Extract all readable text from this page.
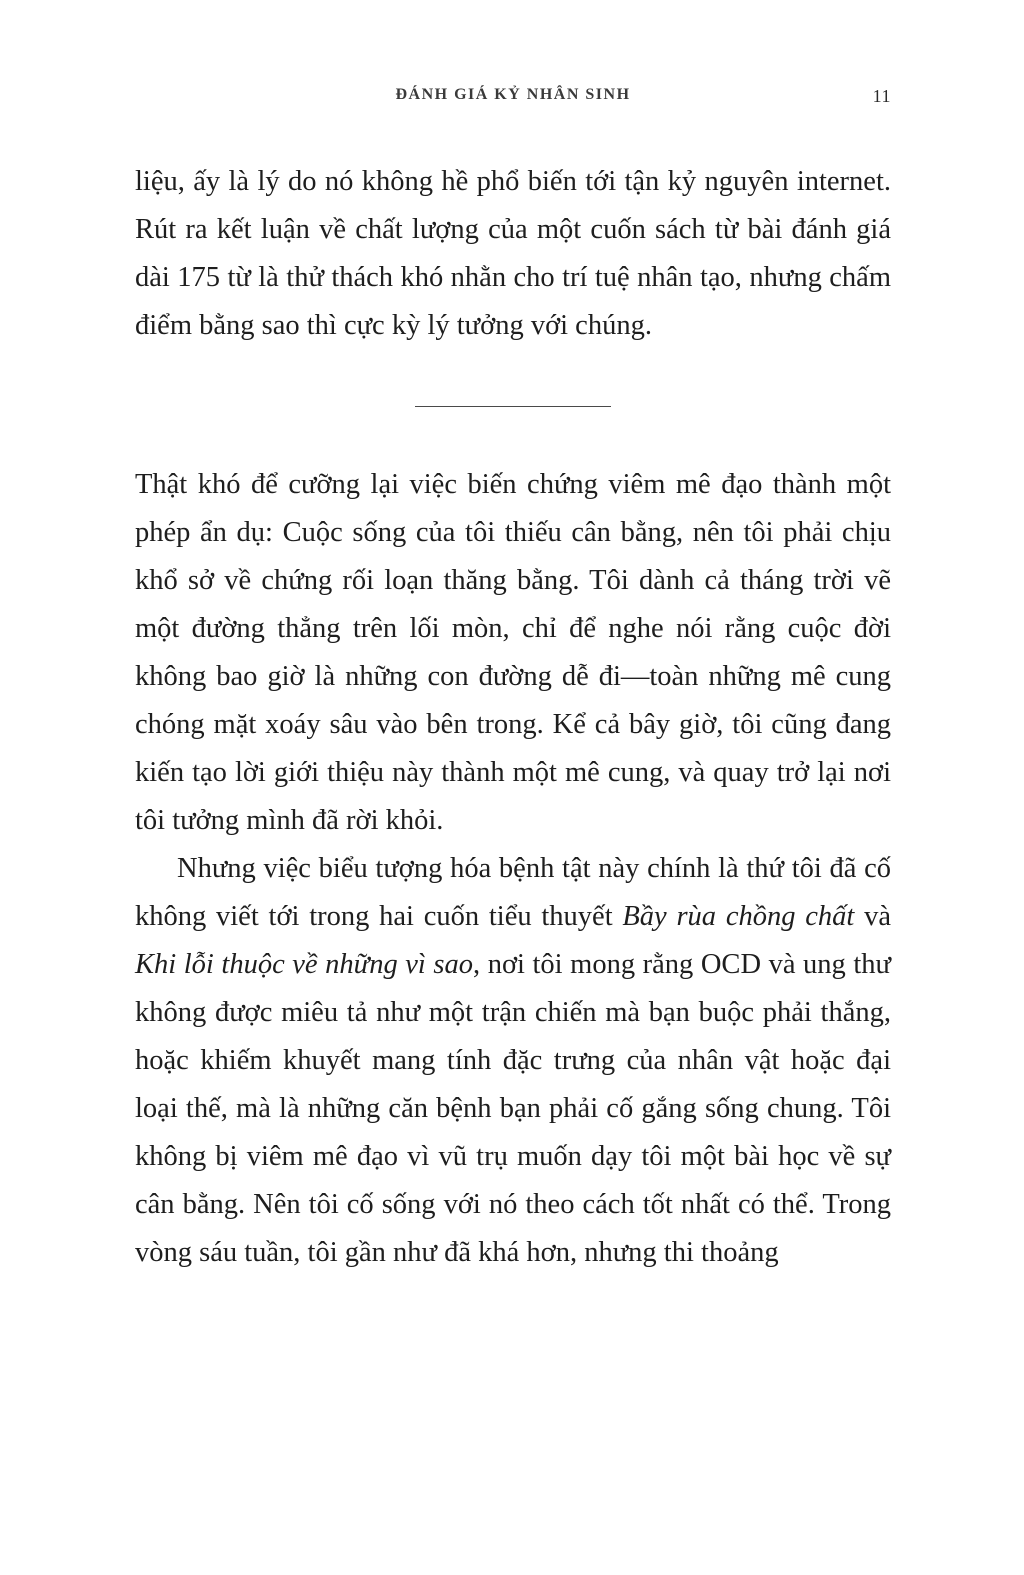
ĐÁNH GIÁ KỶ NHÂN SINH	11

liệu, ấy là lý do nó không hề phổ biến tới tận kỷ nguyên internet. Rút ra kết luận về chất lượng của một cuốn sách từ bài đánh giá dài 175 từ là thử thách khó nhằn cho trí tuệ nhân tạo, nhưng chấm điểm bằng sao thì cực kỳ lý tưởng với chúng.

Thật khó để cưỡng lại việc biến chứng viêm mê đạo thành một phép ẩn dụ: Cuộc sống của tôi thiếu cân bằng, nên tôi phải chịu khổ sở về chứng rối loạn thăng bằng. Tôi dành cả tháng trời vẽ một đường thẳng trên lối mòn, chỉ để nghe nói rằng cuộc đời không bao giờ là những con đường dễ đi—toàn những mê cung chóng mặt xoáy sâu vào bên trong. Kể cả bây giờ, tôi cũng đang kiến tạo lời giới thiệu này thành một mê cung, và quay trở lại nơi tôi tưởng mình đã rời khỏi.

Nhưng việc biểu tượng hóa bệnh tật này chính là thứ tôi đã cố không viết tới trong hai cuốn tiểu thuyết Bầy rùa chồng chất và Khi lỗi thuộc về những vì sao, nơi tôi mong rằng OCD và ung thư không được miêu tả như một trận chiến mà bạn buộc phải thắng, hoặc khiếm khuyết mang tính đặc trưng của nhân vật hoặc đại loại thế, mà là những căn bệnh bạn phải cố gắng sống chung. Tôi không bị viêm mê đạo vì vũ trụ muốn dạy tôi một bài học về sự cân bằng. Nên tôi cố sống với nó theo cách tốt nhất có thể. Trong vòng sáu tuần, tôi gần như đã khá hơn, nhưng thi thoảng
